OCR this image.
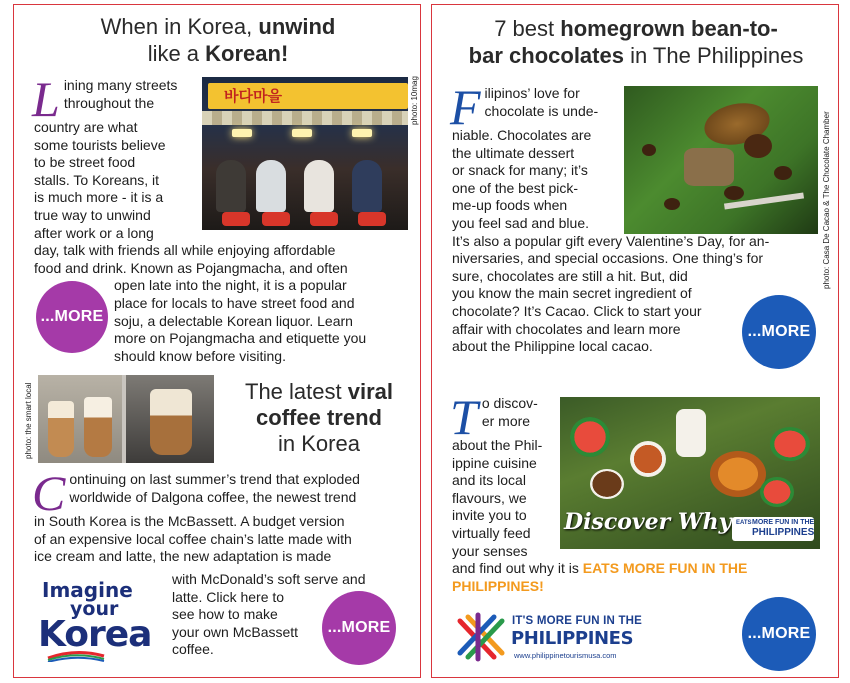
When in Korea, unwind
like a Korean!
바다마을	photo: 10mag
L ining many streets
throughout the
country are what
some tourists believe
to be street food
stalls. To Koreans, it
is much more - it is a
true way to unwind
after work or a long
day, talk with friends all while enjoying affordable
food and drink. Known as Pojangmacha, and often
open late into the night, it is a popular
place for locals to have street food and
soju, a delectable Korean liquor. Learn
more on Pojangmacha and etiquette you
should know before visiting.
...MORE
photo: the smart local	The latest viral
coffee trend
in Korea
C ontinuing on last summer’s trend that exploded
worldwide of Dalgona coffee, the newest trend
in South Korea is the McBassett. A budget version
of an expensive local coffee chain’s latte made with
ice cream and latte, the new adaptation is made
with McDonald’s soft serve and
latte. Click here to
see how to make
your own McBassett
coffee.
...MORE
Imagine
your
Korea
7 best homegrown bean-to-
bar chocolates in The Philippines
photo: Casa De Cacao & The Chocolate Chamber
F ilipinos’ love for
chocolate is unde-
niable. Chocolates are
the ultimate dessert
or snack for many; it’s
one of the best pick-
me-up foods when
you feel sad and blue.
It’s also a popular gift every Valentine’s Day, for an-
niversaries, and special occasions. One thing’s for
sure, chocolates are still a hit. But, did
you know the main secret ingredient of
chocolate? It’s Cacao. Click to start your
affair with chocolates and learn more
about the Philippine local cacao.
...MORE
Discover Why EATS MORE FUN IN THE
PHILIPPINES
T o discov-
er more
about the Phil-
ippine cuisine
and its local
flavours, we
invite you to
virtually feed
your senses
and find out why it is EATS MORE FUN IN THE
PHILIPPINES!
IT'S MORE FUN IN THE
PHILIPPINES
www.philippinetourismusa.com
...MORE
